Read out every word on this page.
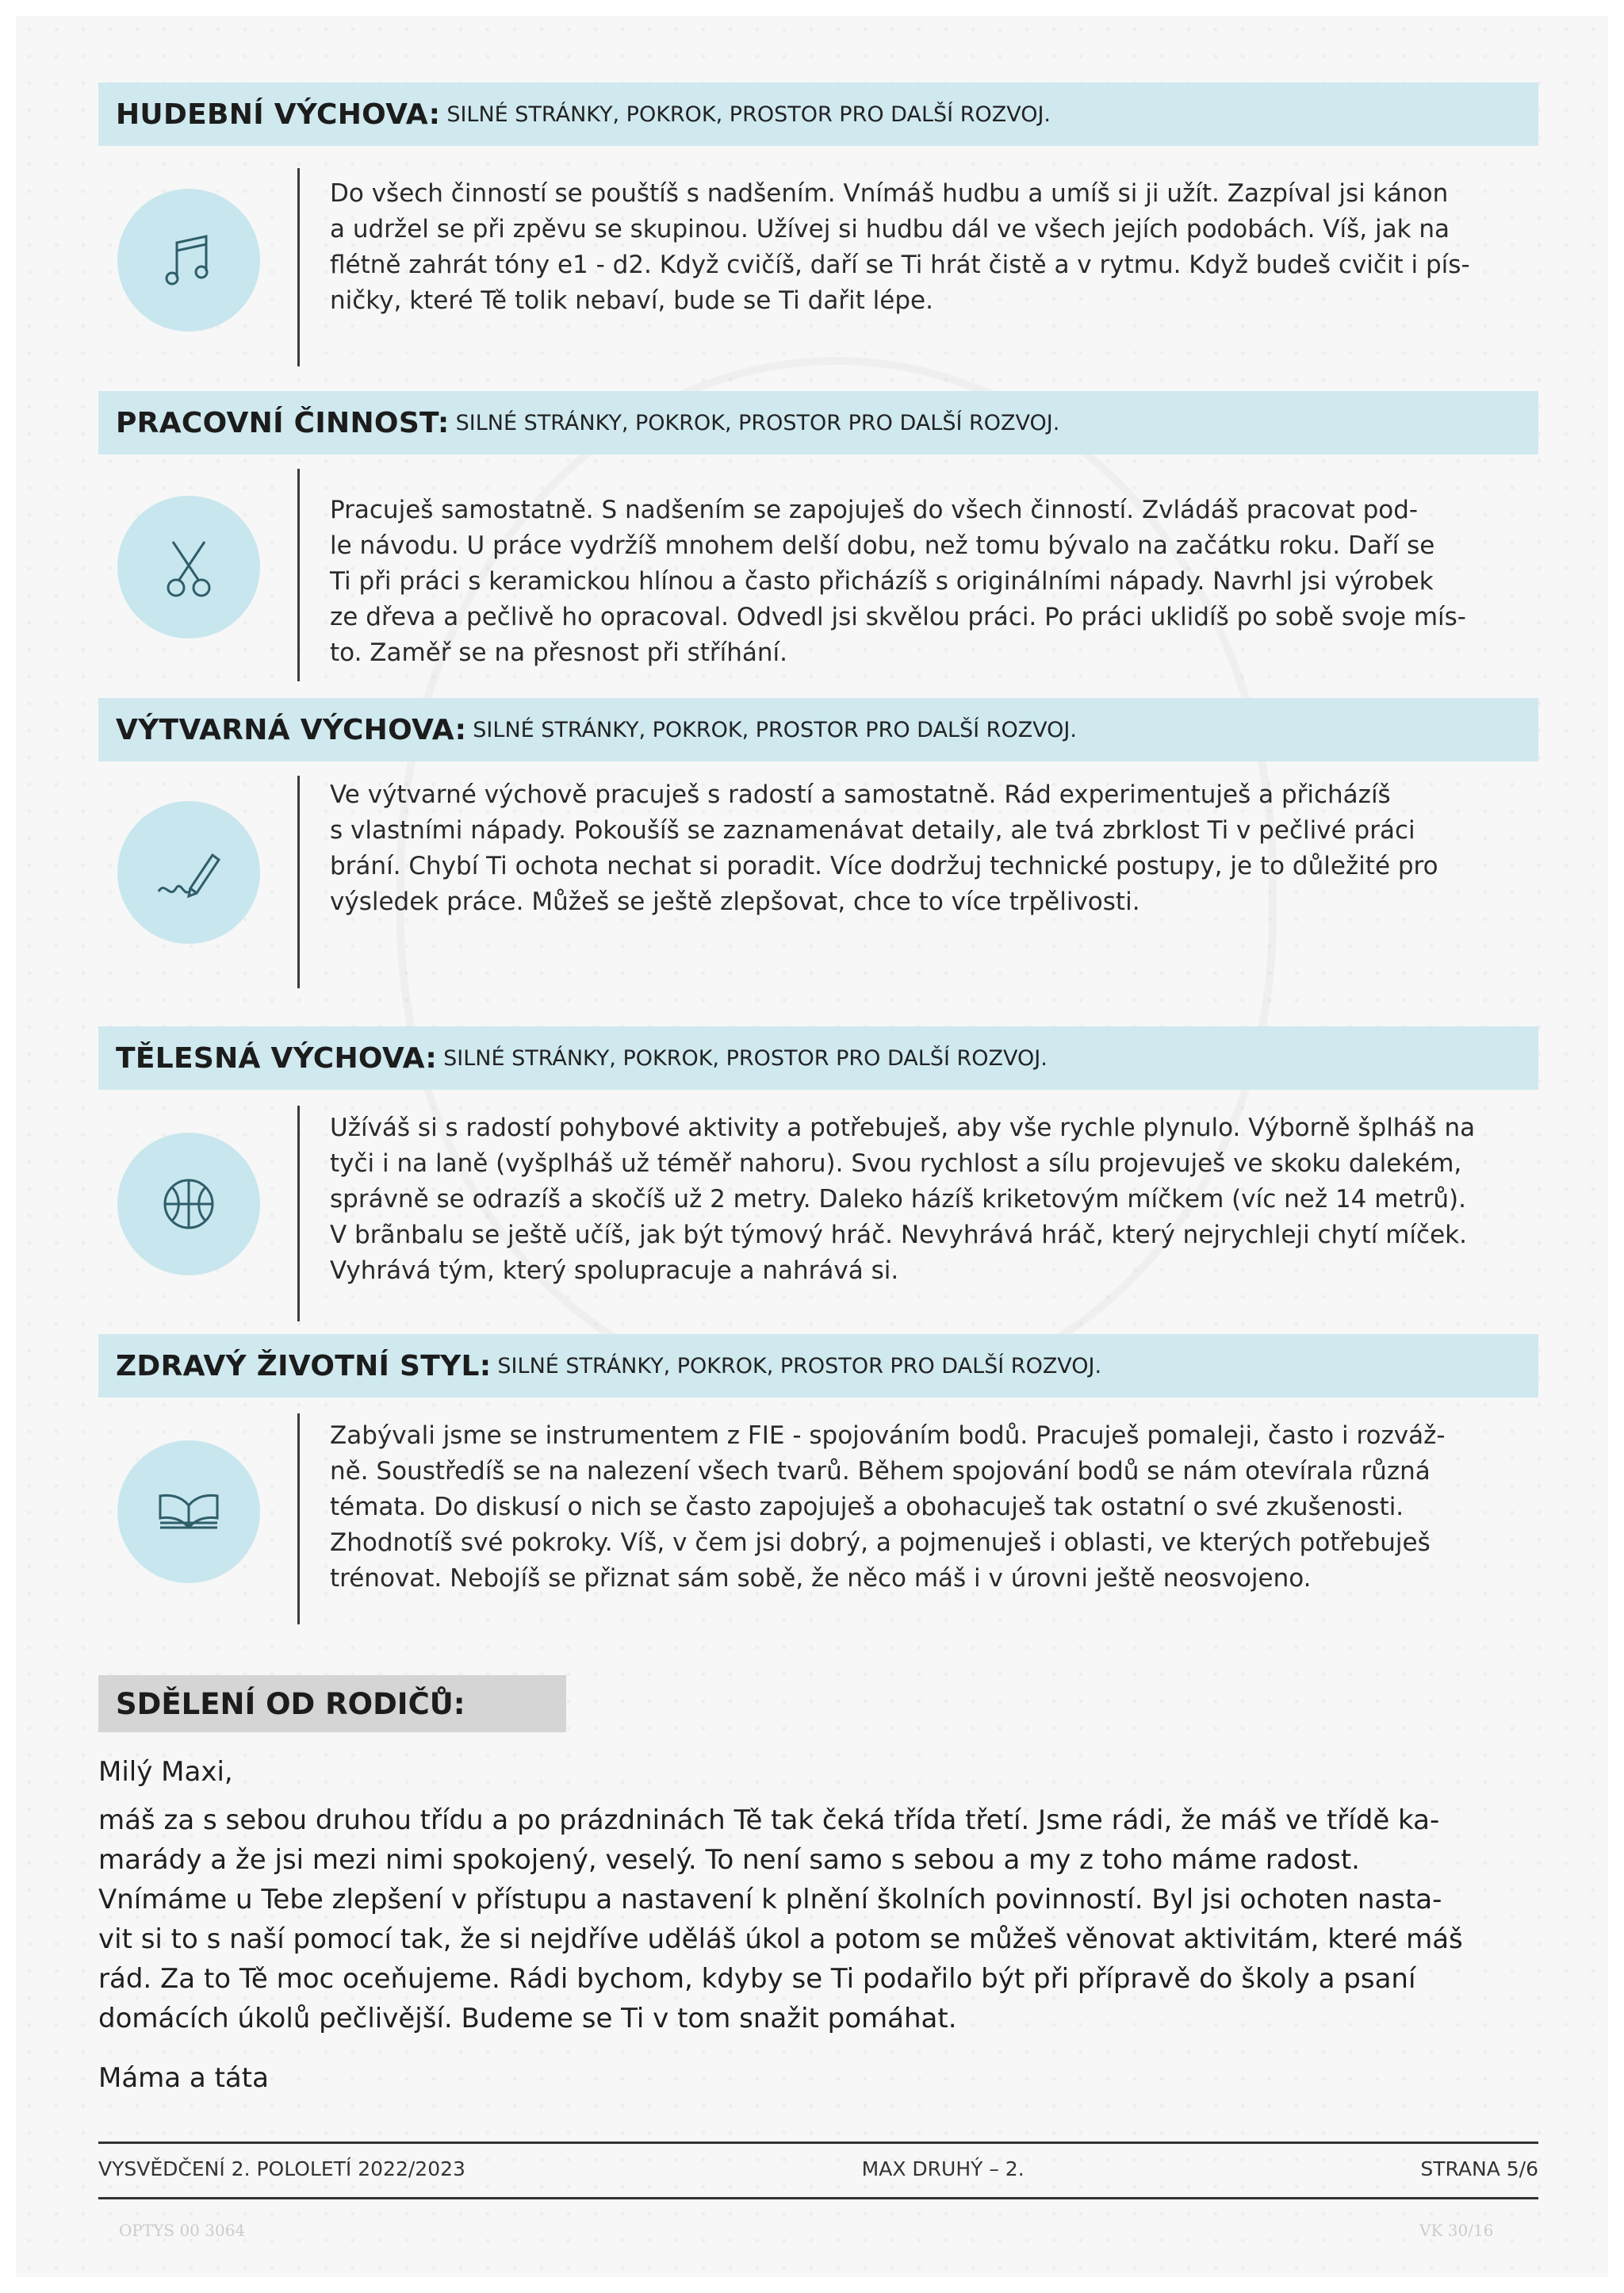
HUDEBNÍ VÝCHOVA: SILNÉ STRÁNKY, POKROK, PROSTOR PRO DALŠÍ ROZVOJ.
Do všech činností se pouštíš s nadšením. Vnímáš hudbu a umíš si ji užít. Zazpíval jsi kánon
a udržel se při zpěvu se skupinou. Užívej si hudbu dál ve všech jejích podobách. Víš, jak na
flétně zahrát tóny e1 - d2. Když cvičíš, daří se Ti hrát čistě a v rytmu. Když budeš cvičit i pís-
ničky, které Tě tolik nebaví, bude se Ti dařit lépe.
PRACOVNÍ ČINNOST: SILNÉ STRÁNKY, POKROK, PROSTOR PRO DALŠÍ ROZVOJ.
Pracuješ samostatně. S nadšením se zapojuješ do všech činností. Zvládáš pracovat pod-
le návodu. U práce vydržíš mnohem delší dobu, než tomu bývalo na začátku roku. Daří se
Ti při práci s keramickou hlínou a často přicházíš s originálními nápady. Navrhl jsi výrobek
ze dřeva a pečlivě ho opracoval. Odvedl jsi skvělou práci. Po práci uklidíš po sobě svoje mís-
to. Zaměř se na přesnost při stříhání.
VÝTVARNÁ VÝCHOVA: SILNÉ STRÁNKY, POKROK, PROSTOR PRO DALŠÍ ROZVOJ.
Ve výtvarné výchově pracuješ s radostí a samostatně. Rád experimentuješ a přicházíš
s vlastními nápady. Pokoušíš se zaznamenávat detaily, ale tvá zbrklost Ti v pečlivé práci
brání. Chybí Ti ochota nechat si poradit. Více dodržuj technické postupy, je to důležité pro
výsledek práce. Můžeš se ještě zlepšovat, chce to více trpělivosti.
TĚLESNÁ VÝCHOVA: SILNÉ STRÁNKY, POKROK, PROSTOR PRO DALŠÍ ROZVOJ.
Užíváš si s radostí pohybové aktivity a potřebuješ, aby vše rychle plynulo. Výborně šplháš na
tyči i na laně (vyšplháš už téměř nahoru). Svou rychlost a sílu projevuješ ve skoku dalekém,
správně se odrazíš a skočíš už 2 metry. Daleko házíš kriketovým míčkem (víc než 14 metrů).
V brãnbalu se ještě učíš, jak být týmový hráč. Nevyhrává hráč, který nejrychleji chytí míček.
Vyhrává tým, který spolupracuje a nahrává si.
ZDRAVÝ ŽIVOTNÍ STYL: SILNÉ STRÁNKY, POKROK, PROSTOR PRO DALŠÍ ROZVOJ.
Zabývali jsme se instrumentem z FIE - spojováním bodů. Pracuješ pomaleji, často i rozváž-
ně. Soustředíš se na nalezení všech tvarů. Během spojování bodů se nám otevírala různá
témata. Do diskusí o nich se často zapojuješ a obohacuješ tak ostatní o své zkušenosti.
Zhodnotíš své pokroky. Víš, v čem jsi dobrý, a pojmenuješ i oblasti, ve kterých potřebuješ
trénovat. Nebojíš se přiznat sám sobě, že něco máš i v úrovni ještě neosvojeno.
SDĚLENÍ OD RODIČŮ:
Milý Maxi,
máš za s sebou druhou třídu a po prázdninách Tě tak čeká třída třetí. Jsme rádi, že máš ve třídě ka-
marády a že jsi mezi nimi spokojený, veselý. To není samo s sebou a my z toho máme radost.
Vnímáme u Tebe zlepšení v přístupu a nastavení k plnění školních povinností. Byl jsi ochoten nasta-
vit si to s naší pomocí tak, že si nejdříve uděláš úkol a potom se můžeš věnovat aktivitám, které máš
rád. Za to Tě moc oceňujeme. Rádi bychom, kdyby se Ti podařilo být při přípravě do školy a psaní
domácích úkolů pečlivější. Budeme se Ti v tom snažit pomáhat.
Máma a táta
VYSVĚDČENÍ 2. POLOLETÍ 2022/2023	MAX DRUHÝ – 2.	STRANA 5/6
OPTYS 00 3064	VK 30/16
